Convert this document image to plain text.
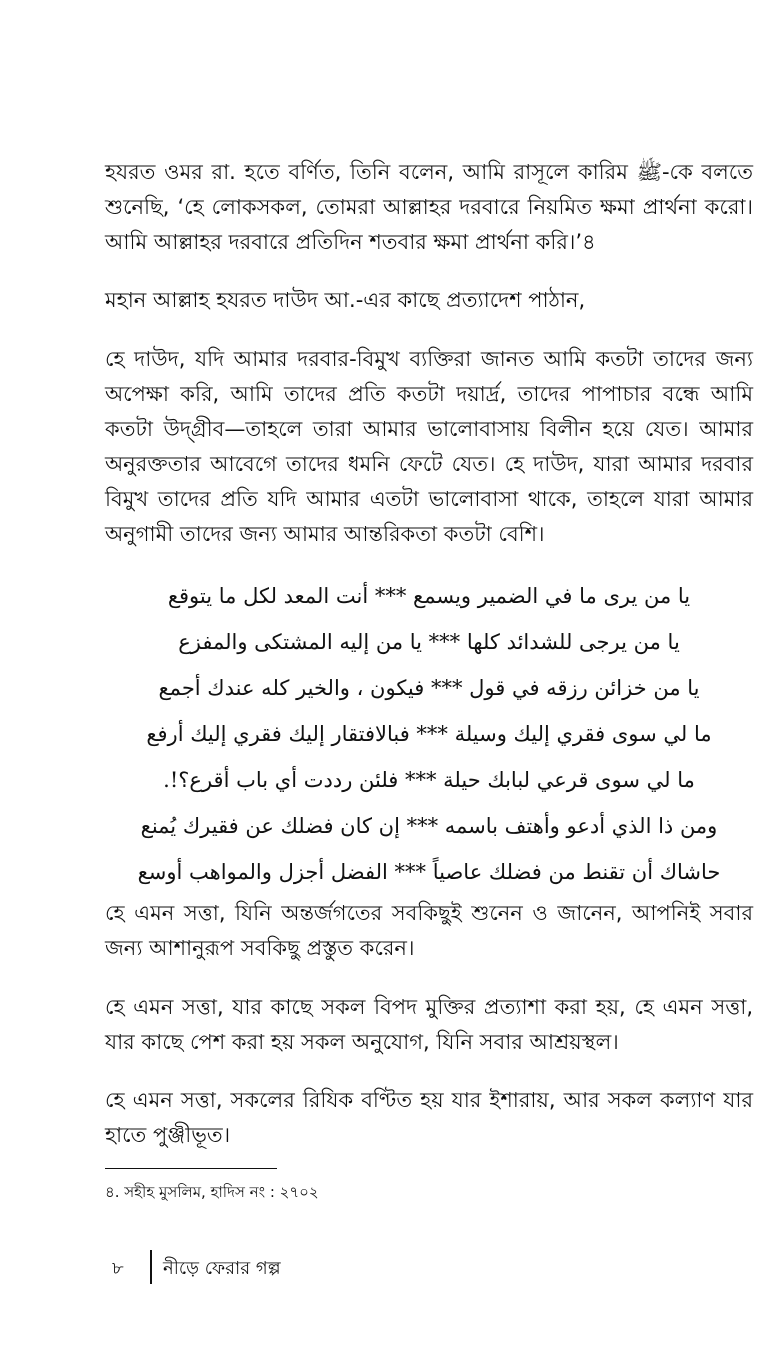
হযরত ওমর রা. হতে বর্ণিত, তিনি বলেন, আমি রাসূলে কারিম ﷺ-কে বলতে শুনেছি, ‘হে লোকসকল, তোমরা আল্লাহর দরবারে নিয়মিত ক্ষমা প্রার্থনা করো। আমি আল্লাহর দরবারে প্রতিদিন শতবার ক্ষমা প্রার্থনা করি।’৪

মহান আল্লাহ হযরত দাউদ আ.-এর কাছে প্রত্যাদেশ পাঠান,

হে দাউদ, যদি আমার দরবার-বিমুখ ব্যক্তিরা জানত আমি কতটা তাদের জন্য অপেক্ষা করি, আমি তাদের প্রতি কতটা দয়ার্দ্র, তাদের পাপাচার বন্ধে আমি কতটা উদ্‌গ্রীব—তাহলে তারা আমার ভালোবাসায় বিলীন হয়ে যেত। আমার অনুরক্ততার আবেগে তাদের ধমনি ফেটে যেত। হে দাউদ, যারা আমার দরবার বিমুখ তাদের প্রতি যদি আমার এতটা ভালোবাসা থাকে, তাহলে যারা আমার অনুগামী তাদের জন্য আমার আন্তরিকতা কতটা বেশি।

يا من يرى ما في الضمير ويسمع *** أنت المعد لكل ما يتوقع
يا من يرجى للشدائد كلها *** يا من إليه المشتكى والمفزع
يا من خزائن رزقه في قول *** فيكون ، والخير كله عندك أجمع
ما لي سوى فقري إليك وسيلة *** فبالافتقار إليك فقري إليك أرفع
ما لي سوى قرعي لبابك حيلة *** فلئن رددت أي باب أقرع؟!.
ومن ذا الذي أدعو وأهتف باسمه *** إن كان فضلك عن فقيرك يُمنع
حاشاك أن تقنط من فضلك عاصياً *** الفضل أجزل والمواهب أوسع

হে এমন সত্তা, যিনি অন্তর্জগতের সবকিছুই শুনেন ও জানেন, আপনিই সবার জন্য আশানুরূপ সবকিছু প্রস্তুত করেন।

হে এমন সত্তা, যার কাছে সকল বিপদ মুক্তির প্রত্যাশা করা হয়, হে এমন সত্তা, যার কাছে পেশ করা হয় সকল অনুযোগ, যিনি সবার আশ্রয়স্থল।

হে এমন সত্তা, সকলের রিযিক বণ্টিত হয় যার ইশারায়, আর সকল কল্যাণ যার হাতে পুঞ্জীভূত।

৪. সহীহ মুসলিম, হাদিস নং : ২৭০২

৮ নীড়ে ফেরার গল্প
